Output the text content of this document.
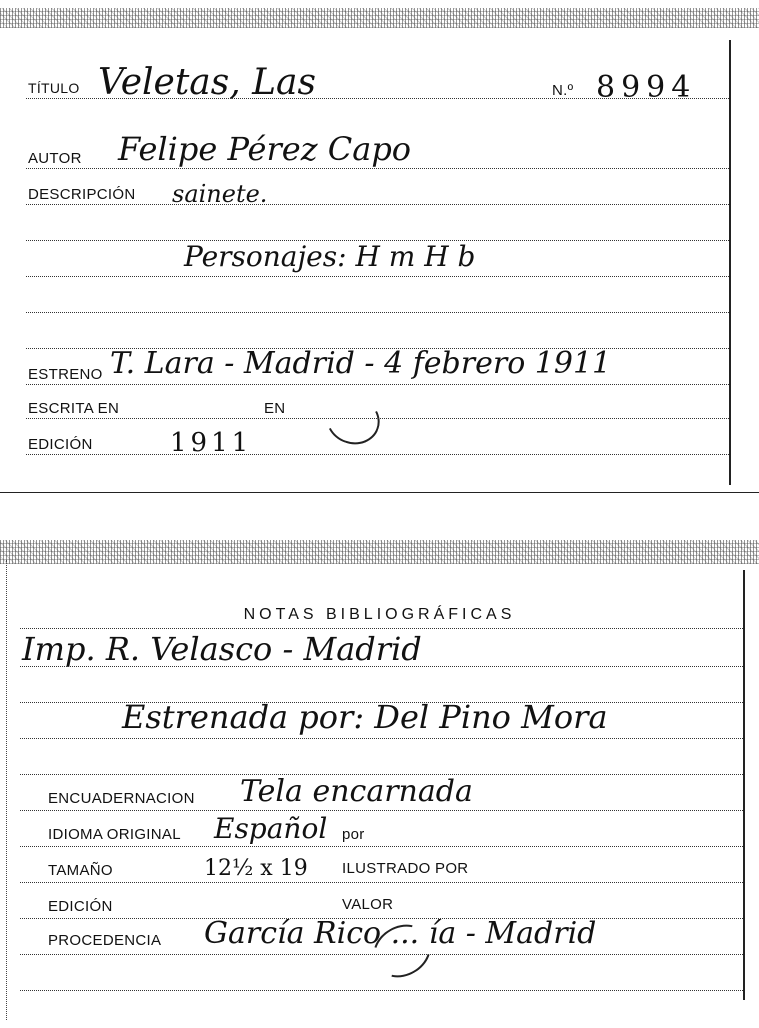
TÍTULO Veletas, Las	N.º 8994
AUTOR Felipe Pérez Capo
DESCRIPCIÓN sainete.
Personajes: H m H b
ESTRENO T. Lara - Madrid - 4 febrero 1911
ESCRITA EN	EN
EDICIÓN	1911
NOTAS BIBLIOGRÁFICAS
Imp. R. Velasco - Madrid
Estrenada por: Del Pino Mora
ENCUADERNACION Tela encarnada
IDIOMA ORIGINAL Español por
TAMAÑO	12½ x 19 ILUSTRADO POR
EDICIÓN	VALOR
PROCEDENCIA García Rico ... ía - Madrid
